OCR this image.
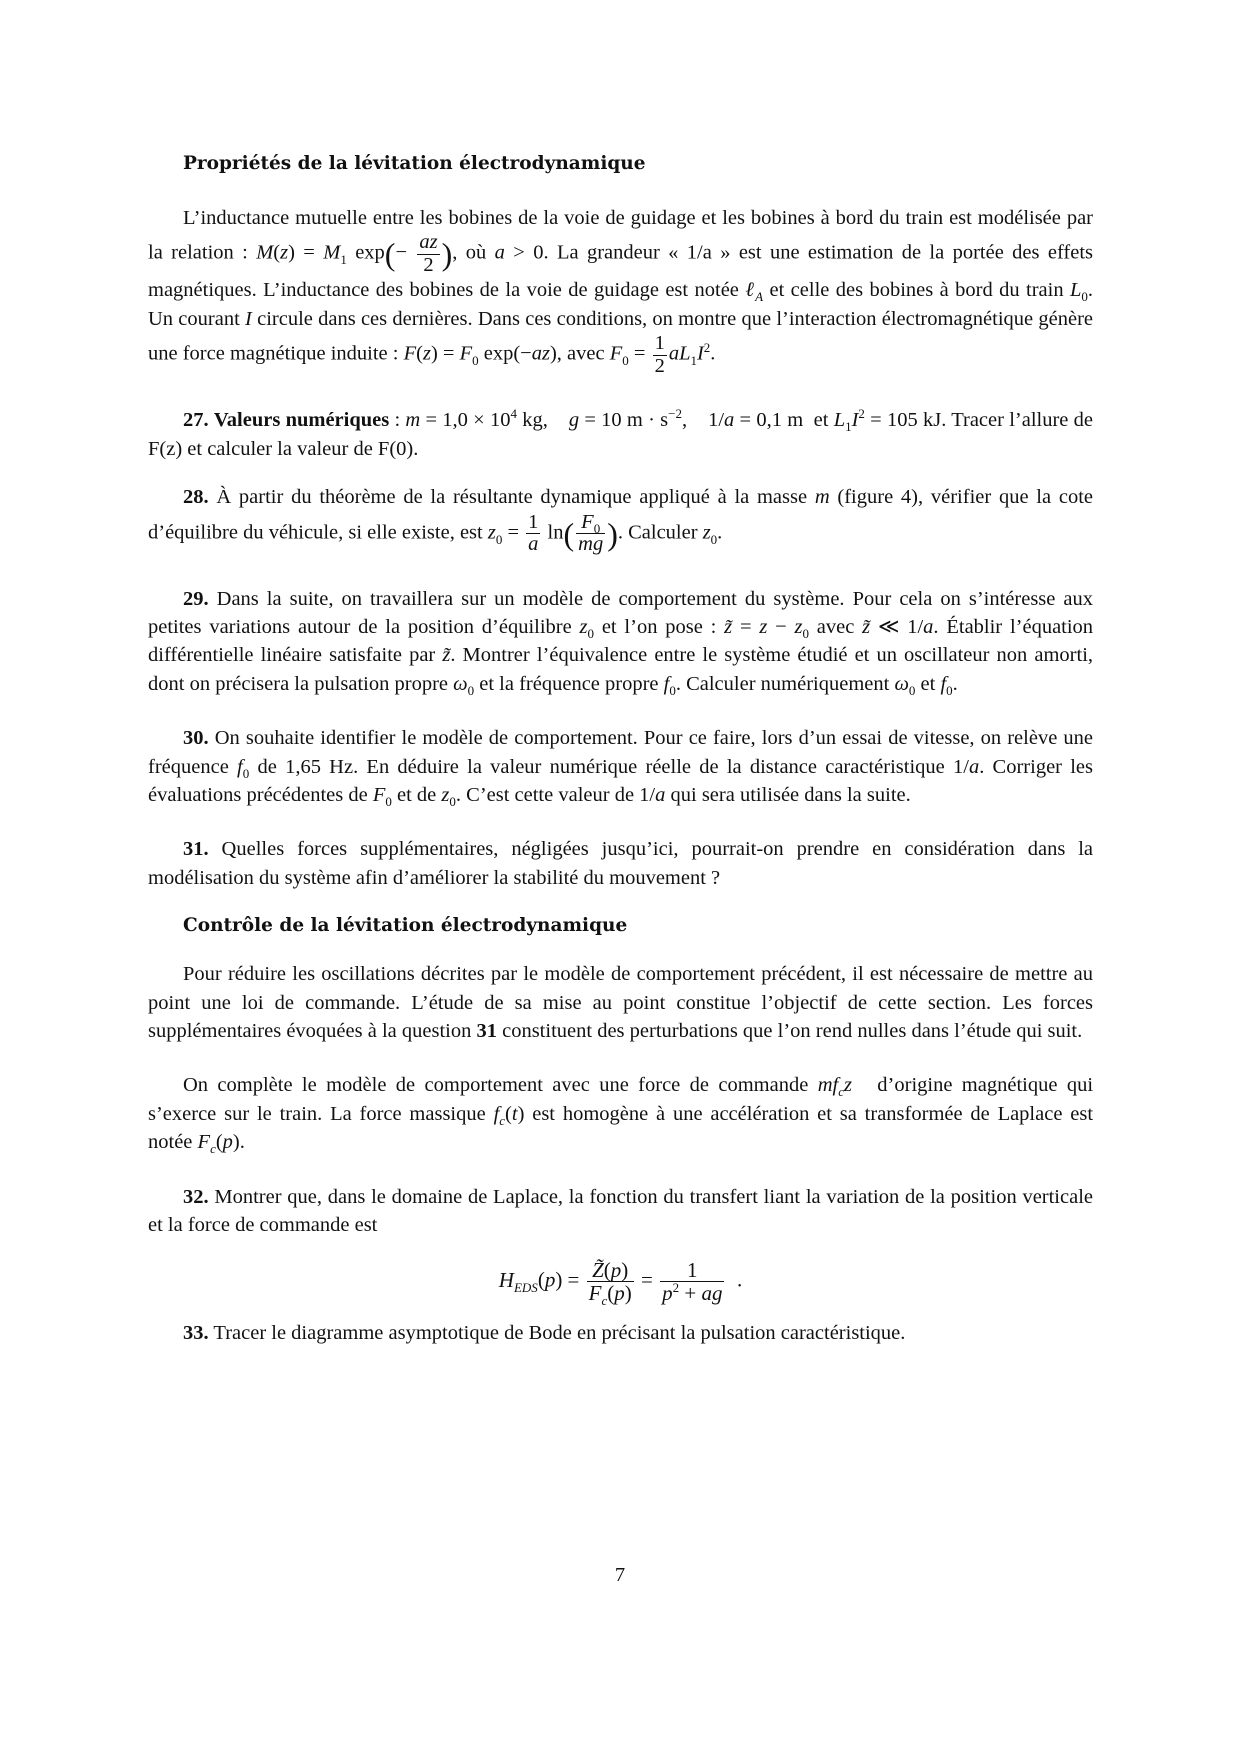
Propriétés de la lévitation électrodynamique

L’inductance mutuelle entre les bobines de la voie de guidage et les bobines à bord du train est modélisée par la relation : $M(z) = M_1$ $\exp(- \frac{az}{2}$ ), où a > 0. La grandeur « 1/a » est une estimation de la portée des effets magnétiques. L’inductance des bobines de la voie de guidage est notée ℓ$_A$ et celle des bobines à bord du train $L_0$. Un courant I circule dans ces dernières. Dans ces conditions, on montre que l’interaction électromagnétique génère une force magnétique induite : $F(z) = F_0$ exp(−az), avec $F_0 = \frac{1}{2} aL_1I^2$.

27. Valeurs numériques : $m = 1,0 \times 10^4$ kg,    g = 10 $m \cdot s^{-2}$,    1/a = 0,1 m  et $L_1I^2 = 105$ kJ. Tracer l’allure de F(z) et calculer la valeur de F(0).

28. À partir du théorème de la résultante dynamique appliqué à la masse m (figure 4), vérifier que la cote d’équilibre du véhicule, si elle existe, est $z_0 = \frac{1}{a} \ln( \frac{F_0}{mg}$ ). Calculer $z_0$.

29. Dans la suite, on travaillera sur un modèle de comportement du système. Pour cela on s’intéresse aux petites variations autour de la position d’équilibre $z_0$ et l’on pose : z̃ = $z - z_0$ avec z̃ ≪ 1/a. Établir l’équation différentielle linéaire satisfaite par z̃. Montrer l’équivalence entre le système étudié et un oscillateur non amorti, dont on précisera la pulsation propre $\omega_0$ et la fréquence propre $f_0$. Calculer numériquement $\omega_0$ et $f_0$.

30. On souhaite identifier le modèle de comportement. Pour ce faire, lors d’un essai de vitesse, on relève une fréquence $f_0$ de 1,65 Hz. En déduire la valeur numérique réelle de la distance caractéristique 1/a. Corriger les évaluations précédentes de $F_0$ et de $z_0$. C’est cette valeur de 1/a qui sera utilisée dans la suite.

31. Quelles forces supplémentaires, négligées jusqu’ici, pourrait-on prendre en considération dans la modélisation du système afin d’améliorer la stabilité du mouvement ?

Contrôle de la lévitation électrodynamique

Pour réduire les oscillations décrites par le modèle de comportement précédent, il est nécessaire de mettre au point une loi de commande. L’étude de sa mise au point constitue l’objectif de cette section. Les forces supplémentaires évoquées à la question 31 constituent des perturbations que l’on rend nulles dans l’étude qui suit.

On complète le modèle de comportement avec une force de commande $mf_cz⃗$ d’origine magnétique qui s’exerce sur le train. La force massique $f_c(t)$ est homogène à une accélération et sa transformée de Laplace est notée $F_c(p)$.

32. Montrer que, dans le domaine de Laplace, la fonction du transfert liant la variation de la position verticale et la force de commande est

$H_{EDS}(p) = \frac{Z̃(p)}{F_c(p)} = \frac{1}{p^2 + ag}$ .

33. Tracer le diagramme asymptotique de Bode en précisant la pulsation caractéristique.

7
